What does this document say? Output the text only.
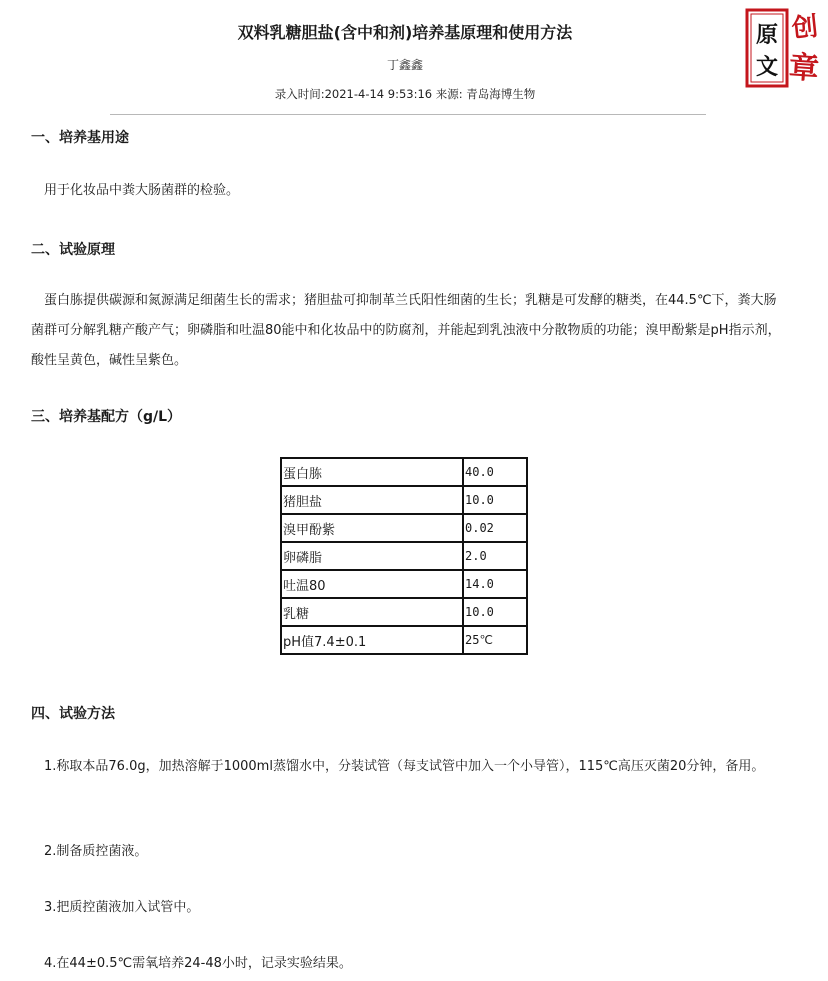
双料乳糖胆盐(含中和剂)培养基原理和使用方法
丁鑫鑫
录入时间:2021-4-14 9:53:16 来源: 青岛海博生物
原
文
创
章
一、培养基用途

用于化妆品中粪大肠菌群的检验。

二、试验原理

蛋白胨提供碳源和氮源满足细菌生长的需求；猪胆盐可抑制革兰氏阳性细菌的生长；乳糖是可发酵的糖类，在44.5℃下，粪大肠菌群可分解乳糖产酸产气；卵磷脂和吐温80能中和化妆品中的防腐剂，并能起到乳浊液中分散物质的功能；溴甲酚紫是pH指示剂，酸性呈黄色，碱性呈紫色。

三、培养基配方（g/L）
蛋白胨	40.0
猪胆盐	10.0
溴甲酚紫	0.02
卵磷脂	2.0
吐温80	14.0
乳糖	10.0
pH值7.4±0.1	25℃
四、试验方法

1.称取本品76.0g，加热溶解于1000ml蒸馏水中，分装试管（每支试管中加入一个小导管），115℃高压灭菌20分钟，备用。

2.制备质控菌液。

3.把质控菌液加入试管中。

4.在44±0.5℃需氧培养24-48小时，记录实验结果。
